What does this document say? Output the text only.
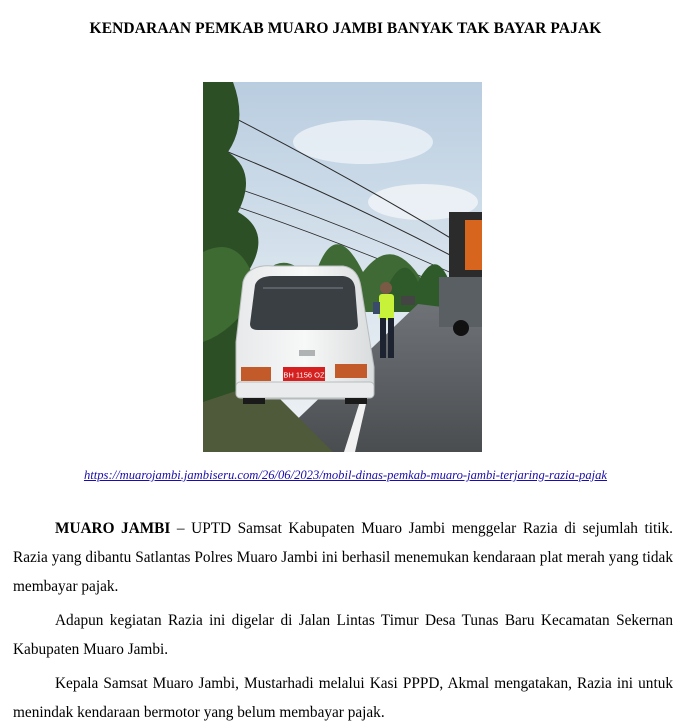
KENDARAAN PEMKAB MUARO JAMBI BANYAK TAK BAYAR PAJAK
BH 1156 OZ
https://muarojambi.jambiseru.com/26/06/2023/mobil-dinas-pemkab-muaro-jambi-terjaring-razia-pajak

MUARO JAMBI – UPTD Samsat Kabupaten Muaro Jambi menggelar Razia di sejumlah titik. Razia yang dibantu Satlantas Polres Muaro Jambi ini berhasil menemukan kendaraan plat merah yang tidak membayar pajak.

Adapun kegiatan Razia ini digelar di Jalan Lintas Timur Desa Tunas Baru Kecamatan Sekernan Kabupaten Muaro Jambi.

Kepala Samsat Muaro Jambi, Mustarhadi melalui Kasi PPPD, Akmal mengatakan, Razia ini untuk menindak kendaraan bermotor yang belum membayar pajak.
